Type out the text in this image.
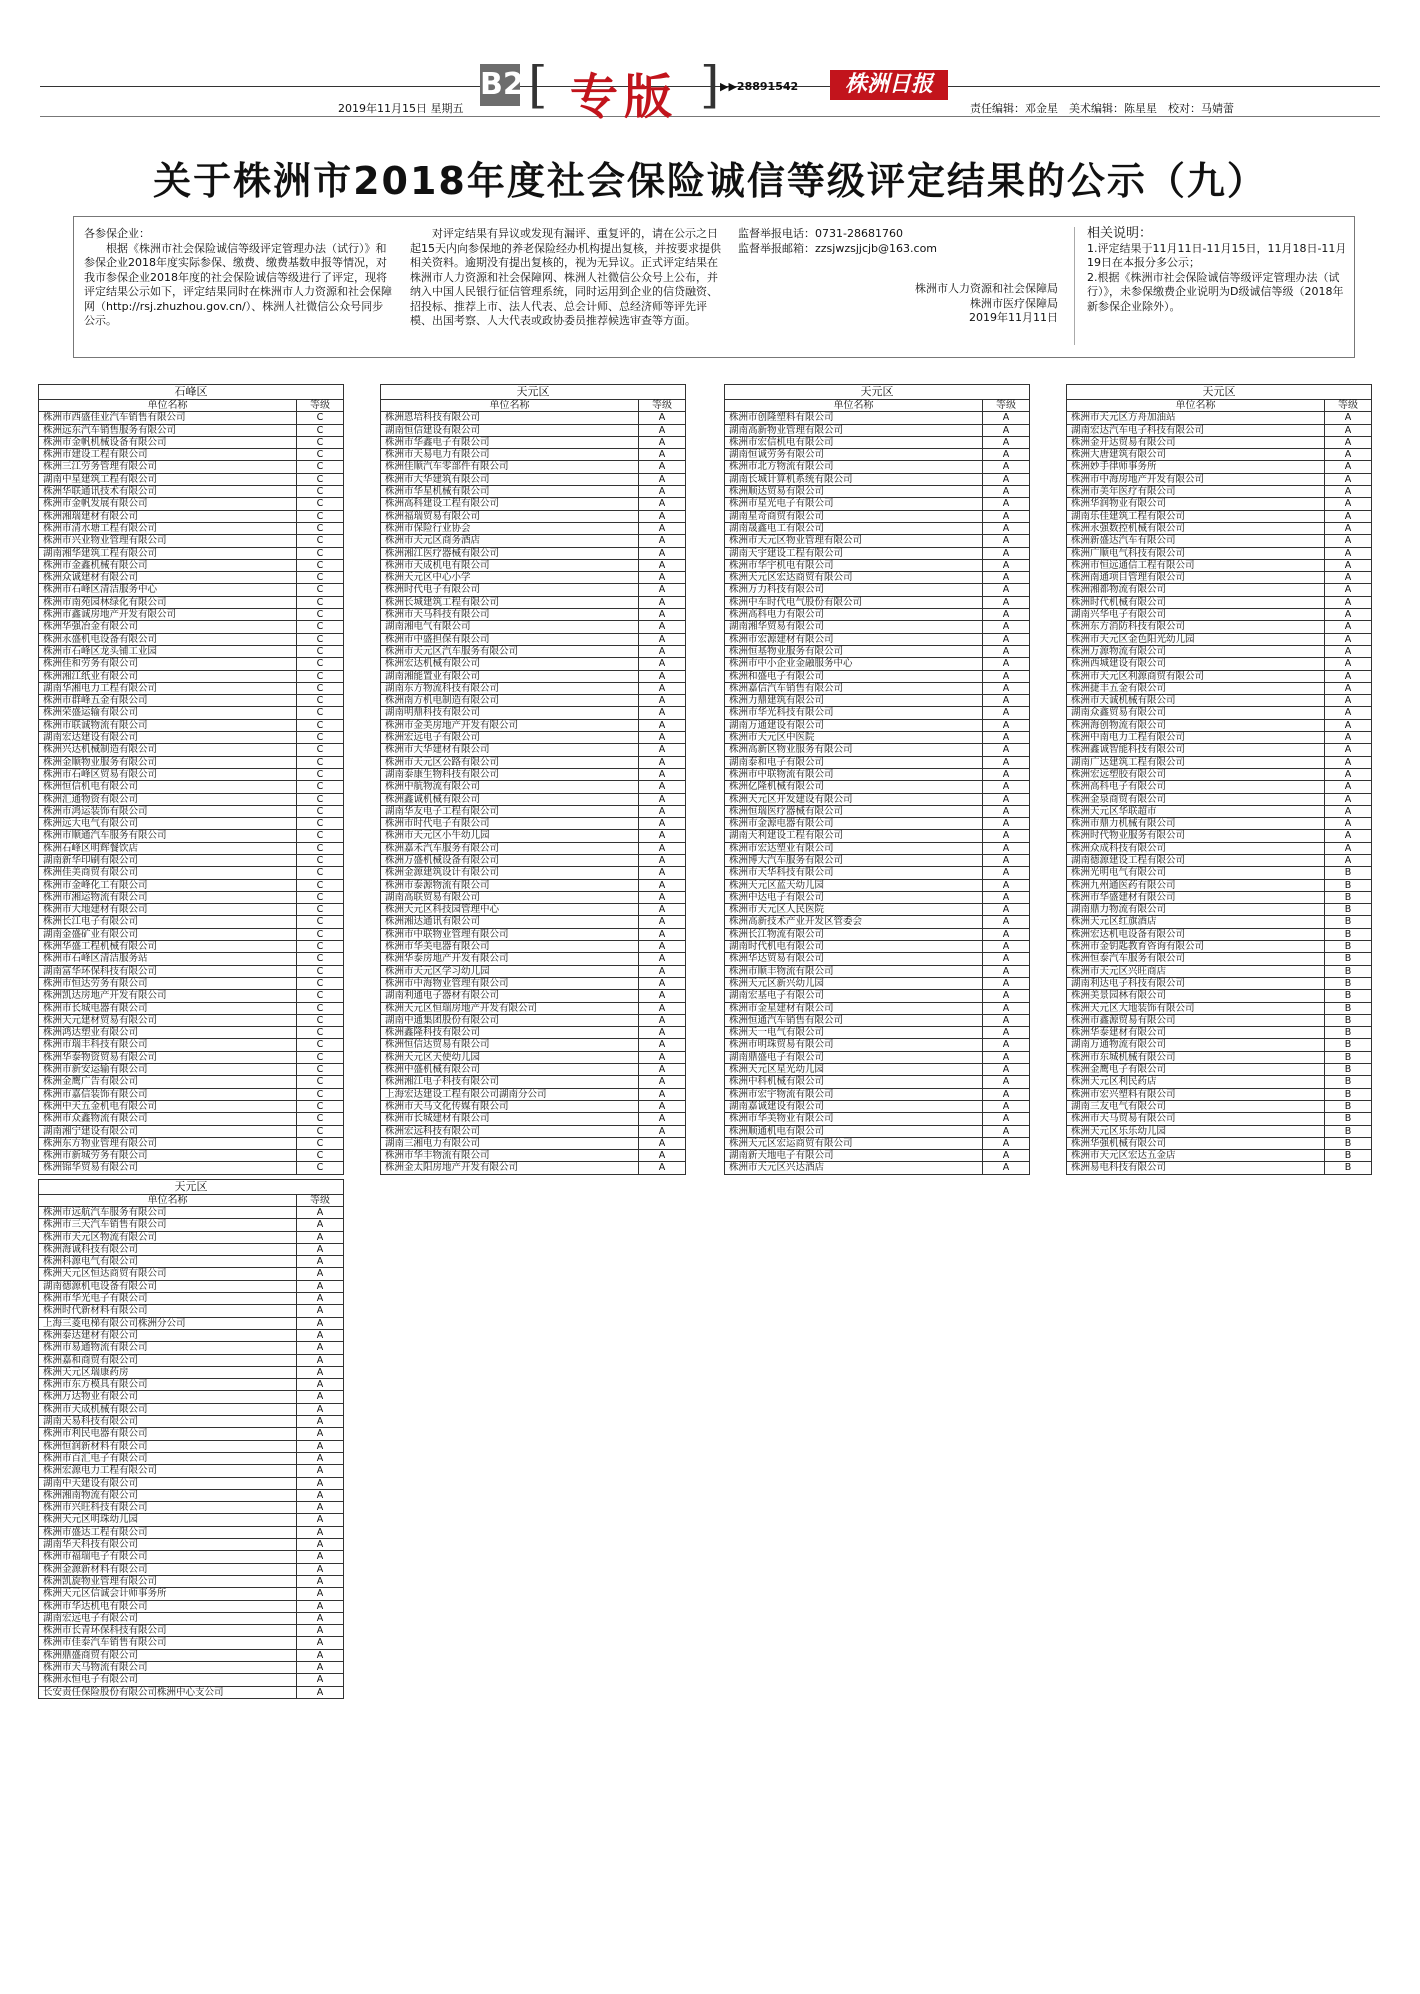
2019年11月15日 星期五
B2 [ 专版 ] ▶▶28891542	株洲日报
责任编辑：邓金星　美术编辑：陈星星　校对：马婧蕾
关于株洲市2018年度社会保险诚信等级评定结果的公示（九）

各参保企业：

根据《株洲市社会保险诚信等级评定管理办法（试行）》和参保企业2018年度实际参保、缴费、缴费基数申报等情况，对我市参保企业2018年度的社会保险诚信等级进行了评定，现将评定结果公示如下，评定结果同时在株洲市人力资源和社会保障网（http://rsj.zhuzhou.gov.cn/）、株洲人社微信公众号同步公示。

对评定结果有异议或发现有漏评、重复评的，请在公示之日起15天内向参保地的养老保险经办机构提出复核，并按要求提供相关资料。逾期没有提出复核的，视为无异议。正式评定结果在株洲市人力资源和社会保障网、株洲人社微信公众号上公布，并纳入中国人民银行征信管理系统，同时运用到企业的信贷融资、招投标、推荐上市、法人代表、总会计师、总经济师等评先评模、出国考察、人大代表或政协委员推荐候选审查等方面。

监督举报电话：0731-28681760

监督举报邮箱：zzsjwzsjjcjb@163.com

株洲市人力资源和社会保障局

株洲市医疗保障局

2019年11月11日

相关说明：

1.评定结果于11月11日-11月15日，11月18日-11月19日在本报分多公示；

2.根据《株洲市社会保险诚信等级评定管理办法（试行）》，未参保缴费企业说明为D级诚信等级（2018年新参保企业除外）。

石峰区
单位名称	等级
株洲市西盛佳业汽车销售有限公司	C
株洲远东汽车销售服务有限公司	C
株洲市金帆机械设备有限公司	C
株洲市建设工程有限公司	C
株洲三江劳务管理有限公司	C
湖南中星建筑工程有限公司	C
株洲华联通讯技术有限公司	C
株洲市金帆发展有限公司	C
株洲湘瑞建材有限公司	C
株洲市清水塘工程有限公司	C
株洲市兴业物业管理有限公司	C
湖南湘华建筑工程有限公司	C
株洲市金鑫机械有限公司	C
株洲众诚建材有限公司	C
株洲市石峰区清洁服务中心	C
株洲市南苑园林绿化有限公司	C
株洲市鑫诚房地产开发有限公司	C
株洲华强冶金有限公司	C
株洲永盛机电设备有限公司	C
株洲市石峰区龙头铺工业园	C
株洲佳和劳务有限公司	C
株洲湘江纸业有限公司	C
湖南华湘电力工程有限公司	C
株洲市群峰五金有限公司	C
株洲荣盛运输有限公司	C
株洲市联诚物流有限公司	C
湖南宏达建设有限公司	C
株洲兴达机械制造有限公司	C
株洲金顺物业服务有限公司	C
株洲市石峰区贸易有限公司	C
株洲恒信机电有限公司	C
株洲汇通物资有限公司	C
株洲市鸿运装饰有限公司	C
株洲远大电气有限公司	C
株洲市顺通汽车服务有限公司	C
株洲石峰区明辉餐饮店	C
湖南新华印刷有限公司	C
株洲佳美商贸有限公司	C
株洲市金峰化工有限公司	C
株洲市湘运物流有限公司	C
株洲市大地建材有限公司	C
株洲长江电子有限公司	C
湖南金盛矿业有限公司	C
株洲华盛工程机械有限公司	C
株洲市石峰区清洁服务站	C
湖南富华环保科技有限公司	C
株洲市恒达劳务有限公司	C
株洲凯达房地产开发有限公司	C
株洲市长城电器有限公司	C
株洲天元建材贸易有限公司	C
株洲鸿达塑业有限公司	C
株洲市瑞丰科技有限公司	C
株洲华泰物资贸易有限公司	C
株洲市新安运输有限公司	C
株洲金鹰广告有限公司	C
株洲市嘉信装饰有限公司	C
株洲中天五金机电有限公司	C
株洲市众鑫物流有限公司	C
湖南湘宁建设有限公司	C
株洲东方物业管理有限公司	C
株洲市新城劳务有限公司	C
株洲锦华贸易有限公司	C
天元区
单位名称	等级
株洲市远航汽车服务有限公司	A
株洲市三天汽车销售有限公司	A
株洲市天元区物流有限公司	A
株洲海诚科技有限公司	A
株洲科源电气有限公司	A
株洲天元区恒达商贸有限公司	A
湖南德源机电设备有限公司	A
株洲市华光电子有限公司	A
株洲时代新材料有限公司	A
上海三菱电梯有限公司株洲分公司	A
株洲泰达建材有限公司	A
株洲市易通物流有限公司	A
株洲嘉和商贸有限公司	A
株洲天元区瑞康药房	A
株洲市东方模具有限公司	A
株洲万达物业有限公司	A
株洲市天成机械有限公司	A
湖南天易科技有限公司	A
株洲市利民电器有限公司	A
株洲恒润新材料有限公司	A
株洲市百汇电子有限公司	A
株洲宏源电力工程有限公司	A
湖南中天建设有限公司	A
株洲湘南物流有限公司	A
株洲市兴旺科技有限公司	A
株洲天元区明珠幼儿园	A
株洲市盛达工程有限公司	A
湖南华天科技有限公司	A
株洲市福瑞电子有限公司	A
株洲金源新材料有限公司	A
株洲凯旋物业管理有限公司	A
株洲天元区信诚会计师事务所	A
株洲市华达机电有限公司	A
湖南宏远电子有限公司	A
株洲市长青环保科技有限公司	A
株洲市佳泰汽车销售有限公司	A
株洲鼎盛商贸有限公司	A
株洲市天马物流有限公司	A
株洲永恒电子有限公司	A
长安责任保险股份有限公司株洲中心支公司	A
天元区
单位名称	等级
株洲恩培科技有限公司	A
湖南恒信建设有限公司	A
株洲市华鑫电子有限公司	A
株洲市天易电力有限公司	A
株洲佳顺汽车零部件有限公司	A
株洲市大华建筑有限公司	A
株洲市华星机械有限公司	A
株洲高科建设工程有限公司	A
株洲福瑞贸易有限公司	A
株洲市保险行业协会	A
株洲市天元区商务酒店	A
株洲湘江医疗器械有限公司	A
株洲市天成机电有限公司	A
株洲天元区中心小学	A
株洲时代电子有限公司	A
株洲长城建筑工程有限公司	A
株洲市天马科技有限公司	A
湖南湘电气有限公司	A
株洲市中盛担保有限公司	A
株洲市天元区汽车服务有限公司	A
株洲宏达机械有限公司	A
湖南湘能置业有限公司	A
湖南东方物流科技有限公司	A
株洲南方机电制造有限公司	A
湖南明鼎科技有限公司	A
株洲市金美房地产开发有限公司	A
株洲宏远电子有限公司	A
株洲市大华建材有限公司	A
株洲市天元区公路有限公司	A
湖南泰康生物科技有限公司	A
株洲中航物流有限公司	A
株洲鑫诚机械有限公司	A
湖南华友电子工程有限公司	A
株洲市时代电子有限公司	A
株洲市天元区小牛幼儿园	A
株洲嘉禾汽车服务有限公司	A
株洲万盛机械设备有限公司	A
株洲金源建筑设计有限公司	A
株洲市泰源物流有限公司	A
湖南高联贸易有限公司	A
株洲天元区科技园管理中心	A
株洲湘达通讯有限公司	A
株洲市中联物业管理有限公司	A
株洲市华美电器有限公司	A
株洲华泰房地产开发有限公司	A
株洲市天元区学习幼儿园	A
株洲市中海物业管理有限公司	A
湖南利通电子器材有限公司	A
株洲天元区恒瑞房地产开发有限公司	A
湖南中通集团股份有限公司	A
株洲鑫隆科技有限公司	A
株洲恒信达贸易有限公司	A
株洲天元区天使幼儿园	A
株洲中盛机械有限公司	A
株洲湘江电子科技有限公司	A
上海宏达建设工程有限公司湖南分公司	A
株洲市天马文化传媒有限公司	A
株洲市长城建材有限公司	A
株洲宏远科技有限公司	A
湖南三湘电力有限公司	A
株洲市华丰物流有限公司	A
株洲金太阳房地产开发有限公司	A
天元区
单位名称	等级
株洲市创隆塑料有限公司	A
湖南高新物业管理有限公司	A
株洲市宏信机电有限公司	A
湖南恒诚劳务有限公司	A
株洲市北方物流有限公司	A
湖南长城计算机系统有限公司	A
株洲顺达贸易有限公司	A
株洲市星光电子有限公司	A
湖南星奇商贸有限公司	A
湖南晟鑫电工有限公司	A
株洲市天元区物业管理有限公司	A
湖南天宇建设工程有限公司	A
株洲市华宇机电有限公司	A
株洲天元区宏达商贸有限公司	A
株洲万力科技有限公司	A
株洲中车时代电气股份有限公司	A
株洲高科电力有限公司	A
湖南湘华贸易有限公司	A
株洲市宏源建材有限公司	A
株洲恒基物业服务有限公司	A
株洲市中小企业金融服务中心	A
株洲和盛电子有限公司	A
株洲嘉信汽车销售有限公司	A
株洲力鼎建筑有限公司	A
株洲市华光科技有限公司	A
湖南万通建设有限公司	A
株洲市天元区中医院	A
株洲高新区物业服务有限公司	A
湖南泰和电子有限公司	A
株洲市中联物流有限公司	A
株洲亿隆机械有限公司	A
株洲天元区开发建设有限公司	A
株洲恒瑞医疗器械有限公司	A
株洲市金源电器有限公司	A
湖南天利建设工程有限公司	A
株洲市宏达塑业有限公司	A
株洲博大汽车服务有限公司	A
株洲市天华科技有限公司	A
株洲天元区蓝天幼儿园	A
株洲中达电子有限公司	A
株洲市天元区人民医院	A
株洲高新技术产业开发区管委会	A
株洲长江物流有限公司	A
湖南时代机电有限公司	A
株洲华达贸易有限公司	A
株洲市顺丰物流有限公司	A
株洲天元区新兴幼儿园	A
湖南宏基电子有限公司	A
株洲市金星建材有限公司	A
株洲恒通汽车销售有限公司	A
株洲天一电气有限公司	A
株洲市明珠贸易有限公司	A
湖南鼎盛电子有限公司	A
株洲天元区星光幼儿园	A
株洲中科机械有限公司	A
株洲市宏宇物流有限公司	A
湖南嘉诚建设有限公司	A
株洲市华美物业有限公司	A
株洲顺通机电有限公司	A
株洲天元区宏运商贸有限公司	A
湖南新天地电子有限公司	A
株洲市天元区兴达酒店	A
天元区
单位名称	等级
株洲市天元区方舟加油站	A
湖南宏达汽车电子科技有限公司	A
株洲金开达贸易有限公司	A
株洲大唐建筑有限公司	A
株洲妙手律师事务所	A
株洲市中海房地产开发有限公司	A
株洲市美年医疗有限公司	A
株洲华润物业有限公司	A
湖南乐佳建筑工程有限公司	A
株洲永强数控机械有限公司	A
株洲新盛达汽车有限公司	A
株洲广顺电气科技有限公司	A
株洲市恒远通信工程有限公司	A
株洲南通项目管理有限公司	A
株洲湘都物流有限公司	A
株洲时代机械有限公司	A
湖南兴华电子有限公司	A
株洲东方消防科技有限公司	A
株洲市天元区金色阳光幼儿园	A
株洲万源物流有限公司	A
株洲西城建设有限公司	A
株洲市天元区利源商贸有限公司	A
株洲捷丰五金有限公司	A
株洲市天诚机械有限公司	A
湖南众鑫贸易有限公司	A
株洲海创物流有限公司	A
株洲中南电力工程有限公司	A
株洲鑫诚智能科技有限公司	A
湖南广达建筑工程有限公司	A
株洲宏远塑胶有限公司	A
株洲高科电子有限公司	A
株洲金泉商贸有限公司	A
株洲天元区华联超市	A
株洲市鼎力机械有限公司	A
株洲时代物业服务有限公司	A
株洲众成科技有限公司	A
湖南德源建设工程有限公司	A
株洲光明电气有限公司	B
株洲九州通医药有限公司	B
株洲市华盛建材有限公司	B
湖南鼎力物流有限公司	B
株洲天元区红旗酒店	B
株洲宏达机电设备有限公司	B
株洲市金钥匙教育咨询有限公司	B
株洲恒泰汽车服务有限公司	B
株洲市天元区兴旺商店	B
湖南利达电子科技有限公司	B
株洲美景园林有限公司	B
株洲天元区大地装饰有限公司	B
株洲市鑫源贸易有限公司	B
株洲华泰建材有限公司	B
湖南万通物流有限公司	B
株洲市东城机械有限公司	B
株洲金鹰电子有限公司	B
株洲天元区利民药店	B
株洲市宏兴塑料有限公司	B
湖南三友电气有限公司	B
株洲市天马贸易有限公司	B
株洲天元区乐乐幼儿园	B
株洲华强机械有限公司	B
株洲市天元区宏达五金店	B
株洲易电科技有限公司	B
